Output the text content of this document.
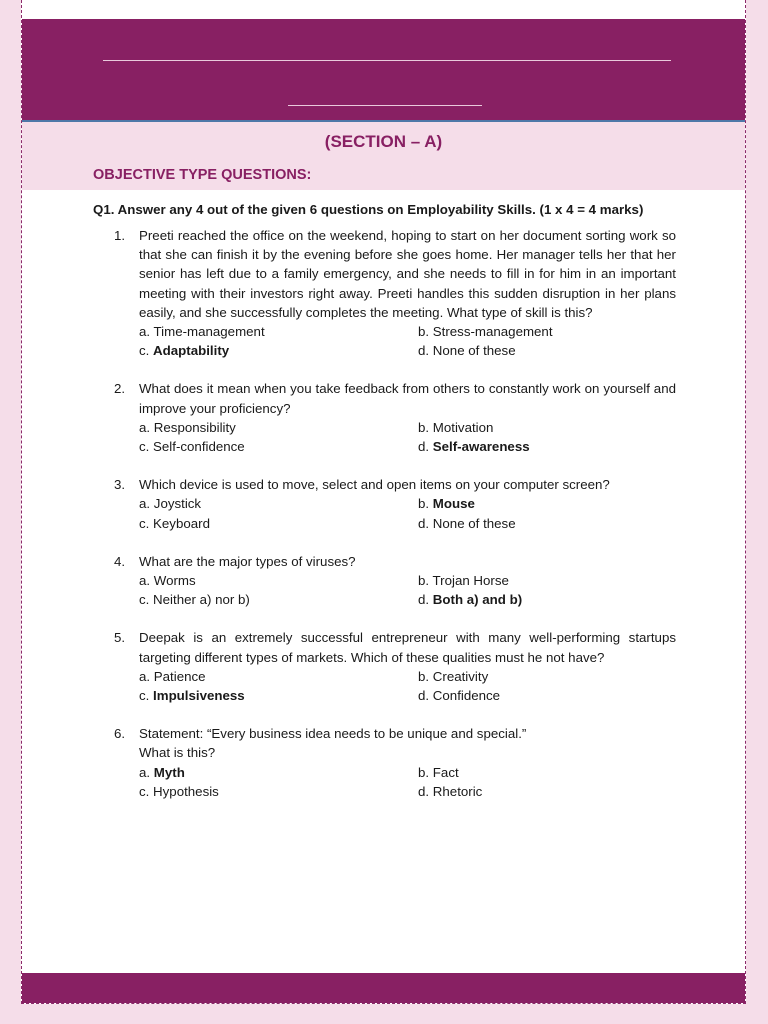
(SECTION – A)
OBJECTIVE TYPE QUESTIONS:
Q1. Answer any 4 out of the given 6 questions on Employability Skills. (1 x 4 = 4 marks)
1. Preeti reached the office on the weekend, hoping to start on her document sorting work so that she can finish it by the evening before she goes home. Her manager tells her that her senior has left due to a family emergency, and she needs to fill in for him in an important meeting with their investors right away. Preeti handles this sudden disruption in her plans easily, and she successfully completes the meeting. What type of skill is this?
a. Time-management	b. Stress-management
c. Adaptability	d. None of these
2. What does it mean when you take feedback from others to constantly work on yourself and improve your proficiency?
a. Responsibility	b. Motivation
c. Self-confidence	d. Self-awareness
3. Which device is used to move, select and open items on your computer screen?
a. Joystick	b. Mouse
c. Keyboard	d. None of these
4. What are the major types of viruses?
a. Worms	b. Trojan Horse
c. Neither a) nor b)	d. Both a) and b)
5. Deepak is an extremely successful entrepreneur with many well-performing startups targeting different types of markets. Which of these qualities must he not have?
a. Patience	b. Creativity
c. Impulsiveness	d. Confidence
6. Statement: “Every business idea needs to be unique and special.”
What is this?
a. Myth	b. Fact
c. Hypothesis	d. Rhetoric
